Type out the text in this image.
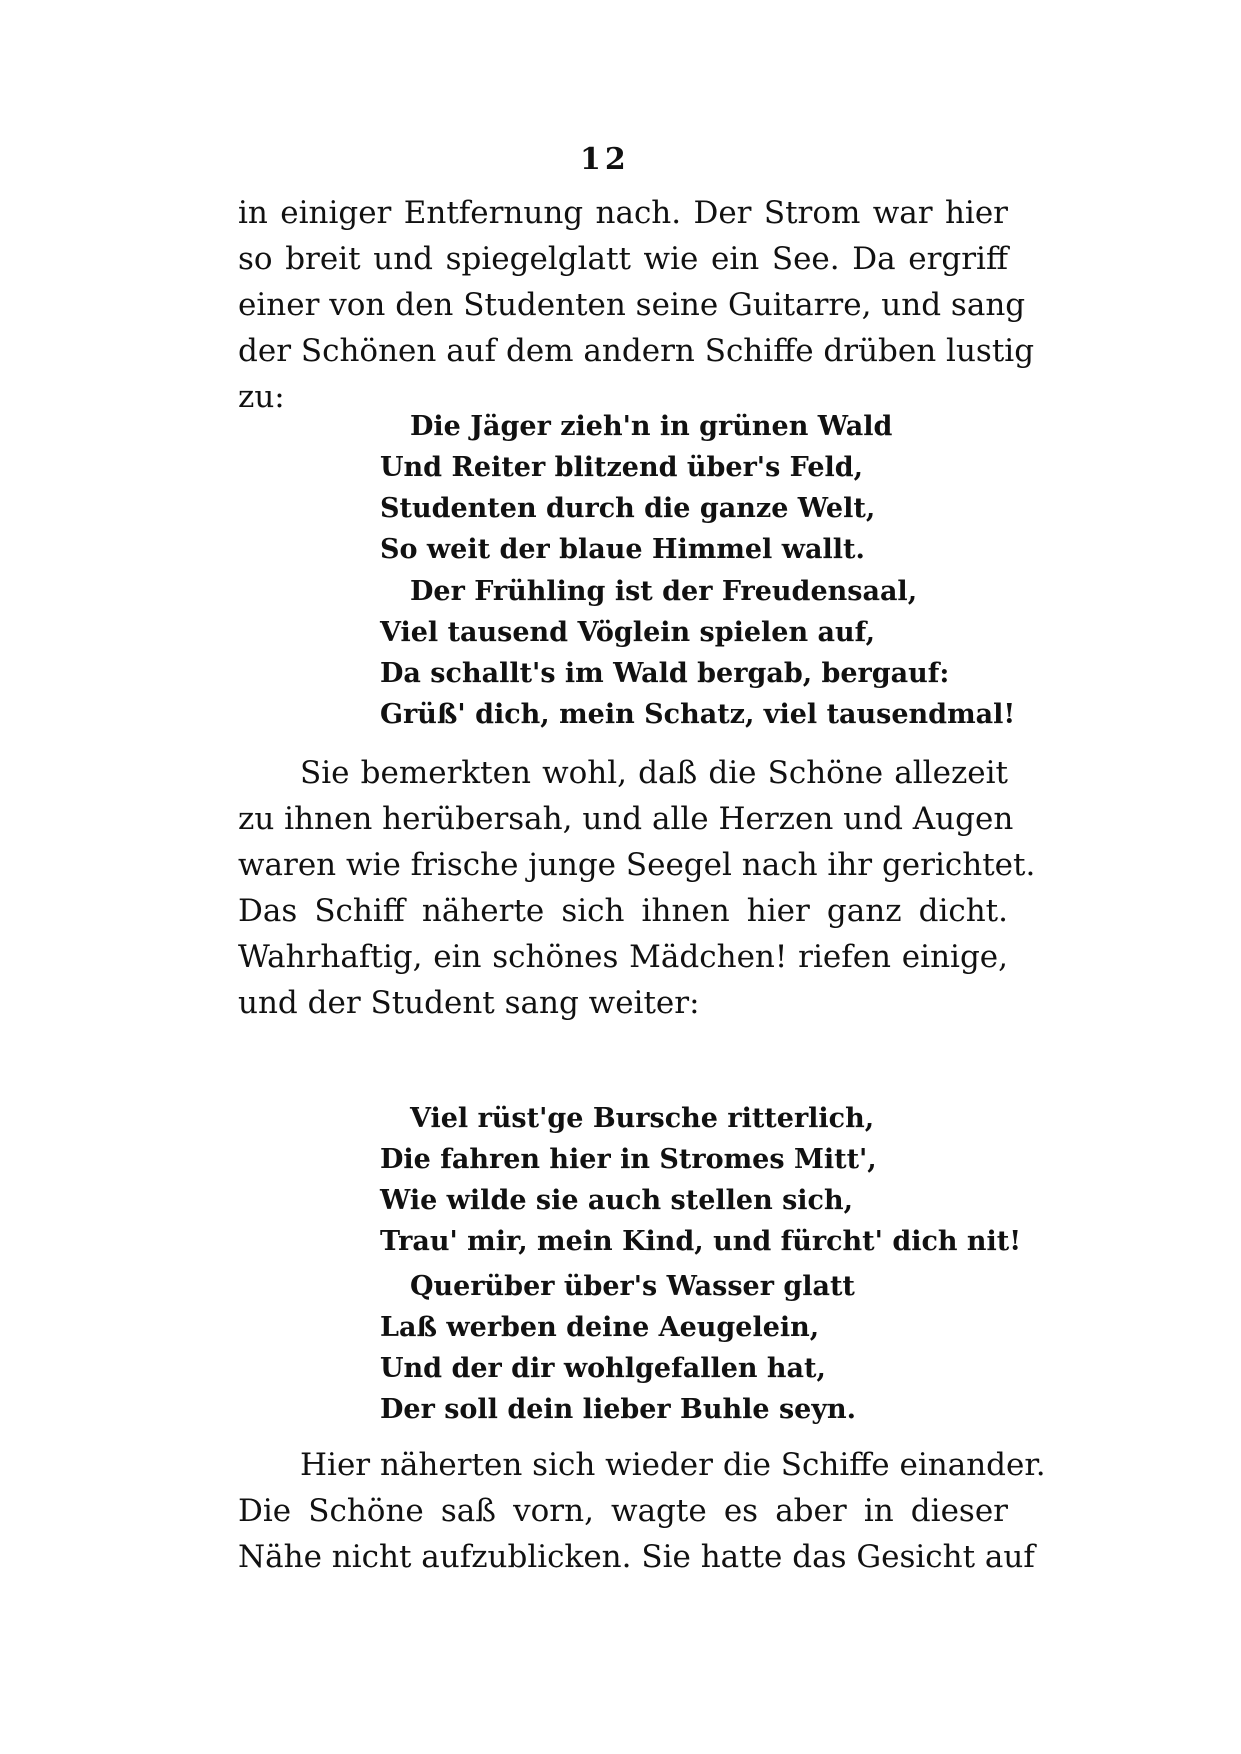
12
in einiger Entfernung nach. Der Strom war hier
so breit und spiegelglatt wie ein See. Da ergriff
einer von den Studenten seine Guitarre, und sang
der Schönen auf dem andern Schiffe drüben lustig
zu:
Die Jäger zieh'n in grünen Wald
Und Reiter blitzend über's Feld,
Studenten durch die ganze Welt,
So weit der blaue Himmel wallt.
Der Frühling ist der Freudensaal,
Viel tausend Vöglein spielen auf,
Da schallt's im Wald bergab, bergauf:
Grüß' dich, mein Schatz, viel tausendmal!
Sie bemerkten wohl, daß die Schöne allezeit
zu ihnen herübersah, und alle Herzen und Augen
waren wie frische junge Seegel nach ihr gerichtet.
Das Schiff näherte sich ihnen hier ganz dicht.
Wahrhaftig, ein schönes Mädchen! riefen einige,
und der Student sang weiter:
Viel rüst'ge Bursche ritterlich,
Die fahren hier in Stromes Mitt',
Wie wilde sie auch stellen sich,
Trau' mir, mein Kind, und fürcht' dich nit!
Querüber über's Wasser glatt
Laß werben deine Aeugelein,
Und der dir wohlgefallen hat,
Der soll dein lieber Buhle seyn.
Hier näherten sich wieder die Schiffe einander.
Die Schöne saß vorn, wagte es aber in dieser
Nähe nicht aufzublicken. Sie hatte das Gesicht auf
